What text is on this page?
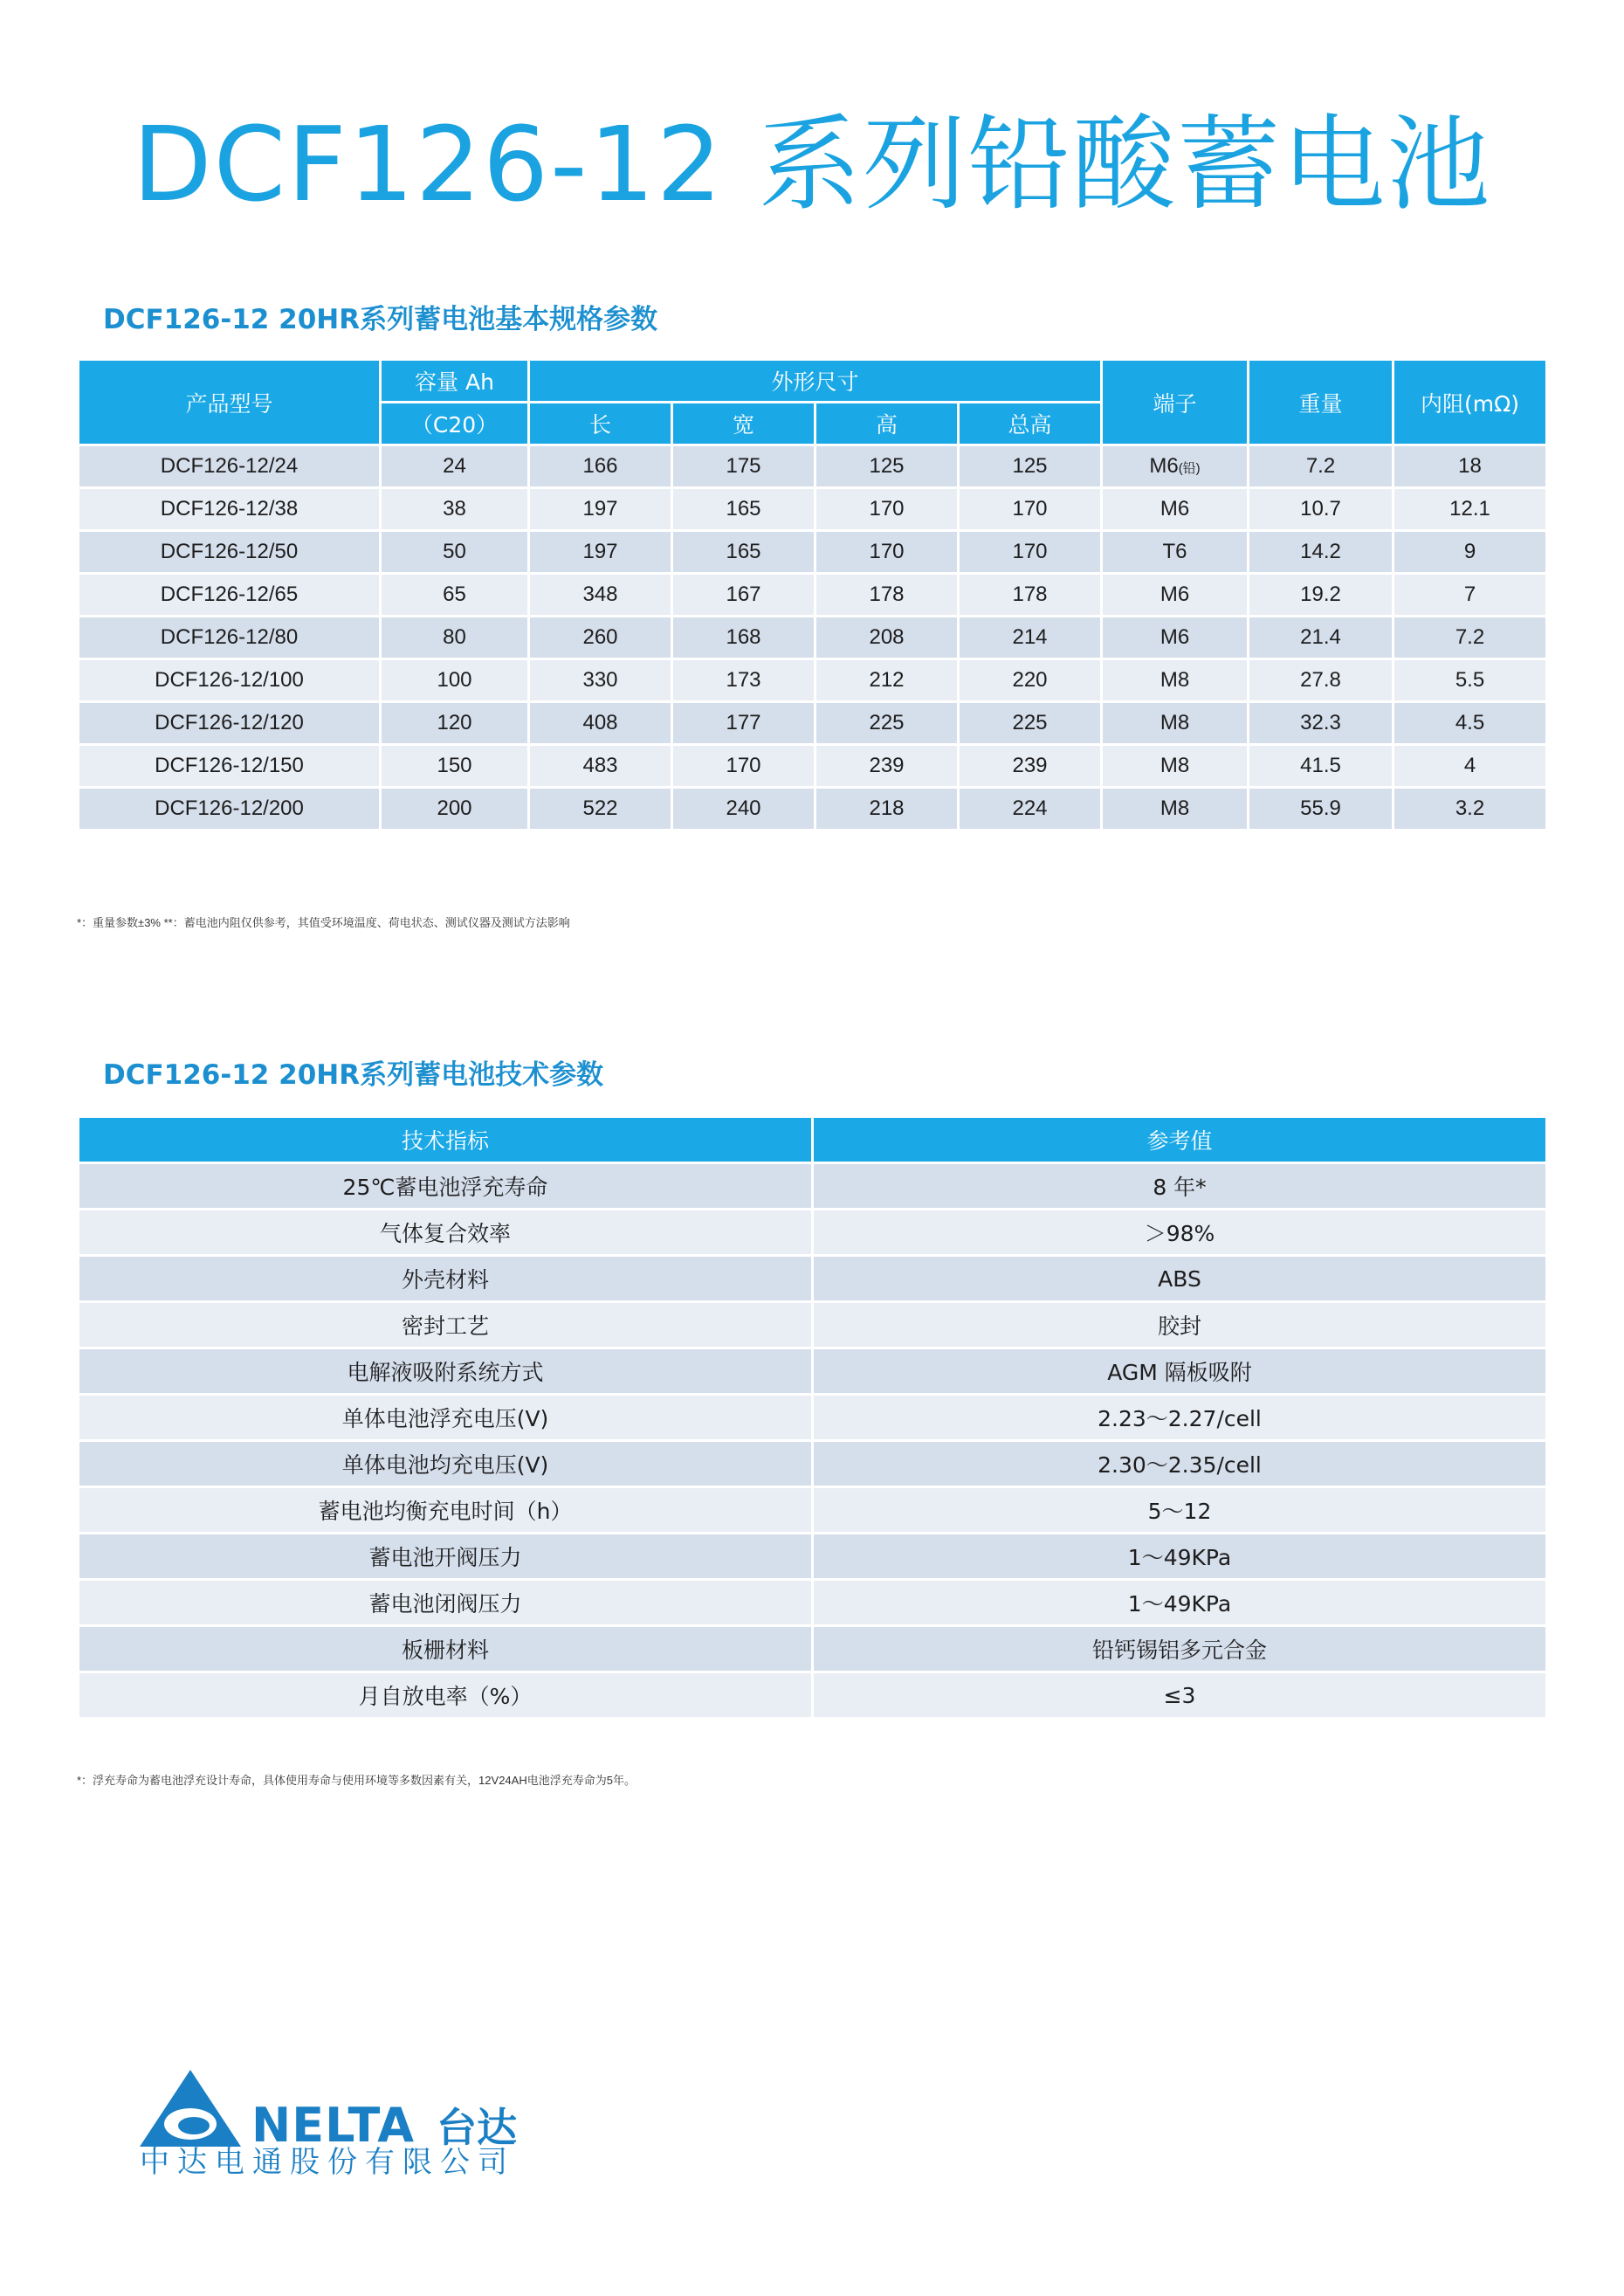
DCF126-12 系列铅酸蓄电池
DCF126-12 20HR系列蓄电池基本规格参数
产品型号	容量 Ah	外形尺寸				端子	重量	内阻(mΩ)
	（C20）	长	宽	高	总高			
DCF126-12/24	24	166	175	125	125	M6(铅)	7.2	18
DCF126-12/38	38	197	165	170	170	M6	10.7	12.1
DCF126-12/50	50	197	165	170	170	T6	14.2	9
DCF126-12/65	65	348	167	178	178	M6	19.2	7
DCF126-12/80	80	260	168	208	214	M6	21.4	7.2
DCF126-12/100	100	330	173	212	220	M8	27.8	5.5
DCF126-12/120	120	408	177	225	225	M8	32.3	4.5
DCF126-12/150	150	483	170	239	239	M8	41.5	4
DCF126-12/200	200	522	240	218	224	M8	55.9	3.2
*：重量参数±3% **：蓄电池内阻仅供参考，其值受环境温度、荷电状态、测试仪器及测试方法影响
DCF126-12 20HR系列蓄电池技术参数
技术指标	参考值
25℃蓄电池浮充寿命	8 年*
气体复合效率	＞98%
外壳材料	ABS
密封工艺	胶封
电解液吸附系统方式	AGM 隔板吸附
单体电池浮充电压(V)	2.23～2.27/cell
单体电池均充电压(V)	2.30～2.35/cell
蓄电池均衡充电时间（h）	5～12
蓄电池开阀压力	1～49KPa
蓄电池闭阀压力	1～49KPa
板栅材料	铅钙锡铝多元合金
月自放电率（%）	≤3
*：浮充寿命为蓄电池浮充设计寿命，具体使用寿命与使用环境等多数因素有关，12V24AH电池浮充寿命为5年。
NELTA 台达
中达电通股份有限公司
